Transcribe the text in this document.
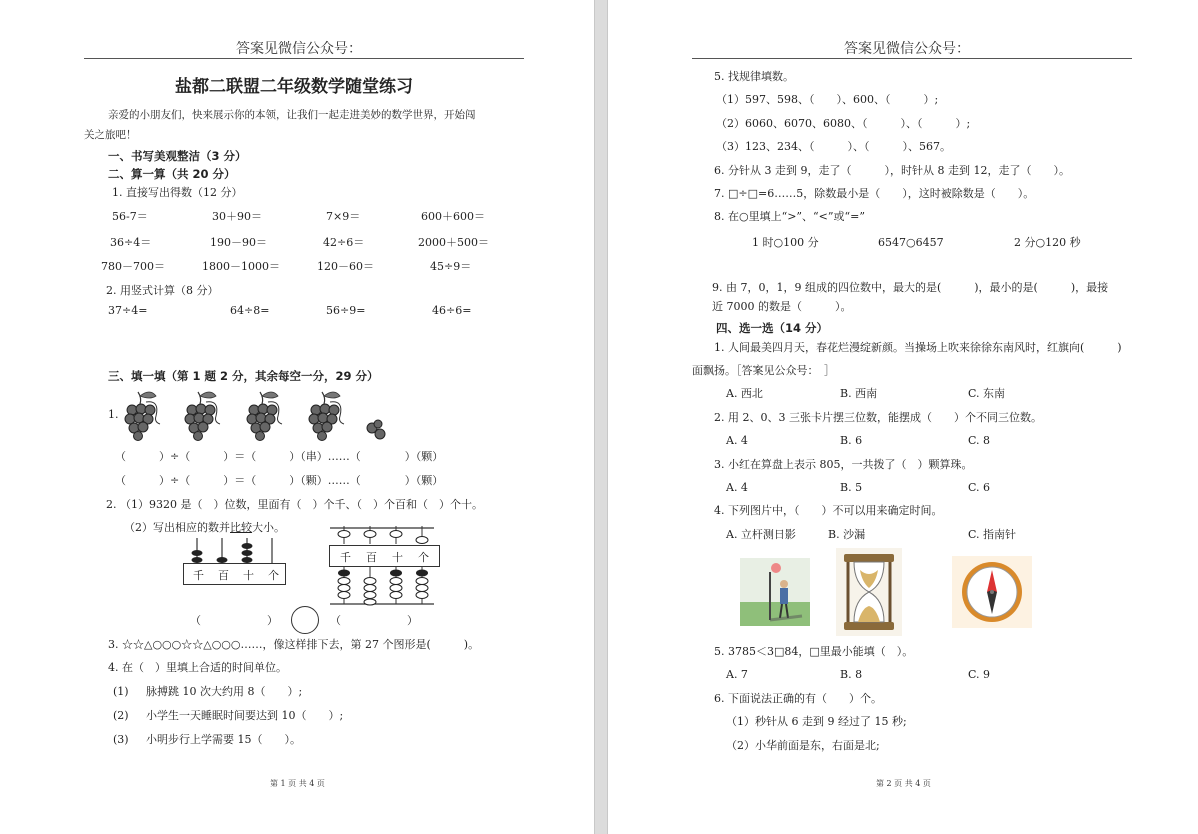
答案见微信公众号：
盐都二联盟二年级数学随堂练习
亲爱的小朋友们，快来展示你的本领，让我们一起走进美妙的数学世界，开始闯
关之旅吧！
一、书写美观整洁（3 分）
二、算一算（共 20 分）
1. 直接写出得数（12 分）
56-7＝	30＋90＝	7×9＝	600＋600＝
36÷4＝	190－90＝	42÷6＝	2000＋500＝
780－700＝	1800－1000＝	120－60＝	45÷9＝
2. 用竖式计算（8 分）
37÷4=	64÷8=	56÷9=	46÷6=
三、填一填（第 1 题 2 分，其余每空一分，29 分）
1.
（　　　）÷（　　　）＝（　　　）（串）……（　　　　）（颗）
（　　　）÷（　　　）＝（　　　）（颗）……（　　　　）（颗）
2. （1）9320 是（　）位数，里面有（　）个千、（　）个百和（　）个十。
（2）写出相应的数并比较大小。
千 百 十 个
千 百 十 个
（　　　　　　）	（　　　　　　）
3. ☆☆△○○○☆☆△○○○……，像这样排下去，第 27 个图形是(　　　)。
4. 在（　）里填上合适的时间单位。
(1) 脉搏跳 10 次大约用 8（　　）;
(2) 小学生一天睡眠时间要达到 10（　　）;
(3) 小明步行上学需要 15（　　）。
第 1 页 共 4 页
答案见微信公众号：
5. 找规律填数。
（1）597、598、（　　）、600、（　　　）;
（2）6060、6070、6080、（　　　）、（　　　）;
（3）123、234、（　　　）、（　　　）、567。
6. 分针从 3 走到 9，走了（　　　），时针从 8 走到 12，走了（　　）。
7. □÷□=6……5，除数最小是（　　），这时被除数是（　　）。
8. 在○里填上“>”、“<”或“=”
1 时○100 分	6547○6457	2 分○120 秒
9. 由 7，0，1，9 组成的四位数中，最大的是(　　　)，最小的是(　　　)，最接
近 7000 的数是（　　　）。
四、选一选（14 分）
1. 人间最美四月天，春花烂漫绽新颜。当操场上吹来徐徐东南风时，红旗向(　　　)
面飘扬。［答案见公众号：　］
A. 西北	B. 西南	C. 东南
2. 用 2、0、3 三张卡片摆三位数，能摆成（　　）个不同三位数。
A. 4	B. 6	C. 8
3. 小红在算盘上表示 805，一共拨了（　）颗算珠。
A. 4	B. 5	C. 6
4. 下列图片中，（　　）不可以用来确定时间。
A. 立杆测日影	B. 沙漏	C. 指南针
5. 3785＜3□84，□里最小能填（　）。
A. 7	B. 8	C. 9
6. 下面说法正确的有（　　）个。
（1）秒针从 6 走到 9 经过了 15 秒;
（2）小华前面是东，右面是北;
第 2 页 共 4 页
